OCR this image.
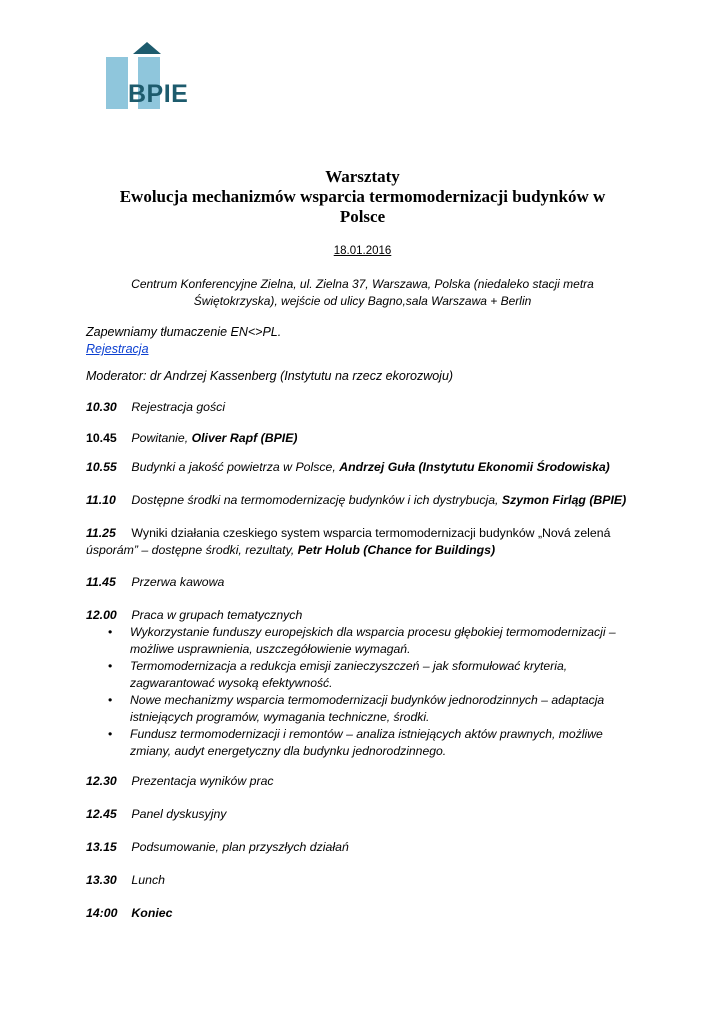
BPIE
Warsztaty
Ewolucja mechanizmów wsparcia termomodernizacji budynków w
Polsce
18.01.2016
Centrum Konferencyjne Zielna, ul. Zielna 37, Warszawa, Polska (niedaleko stacji metra
Świętokrzyska), wejście od ulicy Bagno,sala Warszawa + Berlin
Zapewniamy tłumaczenie EN<>PL.
Rejestracja
Moderator: dr Andrzej Kassenberg (Instytutu na rzecz ekorozwoju)
10.30 Rejestracja gości
10.45 Powitanie, Oliver Rapf (BPIE)
10.55 Budynki a jakość powietrza w Polsce, Andrzej Guła (Instytutu Ekonomii Środowiska)
11.10 Dostępne środki na termomodernizację budynków i ich dystrybucja, Szymon Firląg (BPIE)
11.25 Wyniki działania czeskiego system wsparcia termomodernizacji budynków „Nová zelená
úsporám” – dostępne środki, rezultaty, Petr Holub (Chance for Buildings)
11.45 Przerwa kawowa
12.00 Praca w grupach tematycznych
• Wykorzystanie funduszy europejskich dla wsparcia procesu głębokiej termomodernizacji – możliwe usprawnienia, uszczegółowienie wymagań.
• Termomodernizacja a redukcja emisji zanieczyszczeń – jak sformułować kryteria, zagwarantować wysoką efektywność.
• Nowe mechanizmy wsparcia termomodernizacji budynków jednorodzinnych – adaptacja istniejących programów, wymagania techniczne, środki.
• Fundusz termomodernizacji i remontów – analiza istniejących aktów prawnych, możliwe zmiany, audyt energetyczny dla budynku jednorodzinnego.
12.30 Prezentacja wyników prac
12.45 Panel dyskusyjny
13.15 Podsumowanie, plan przyszłych działań
13.30 Lunch
14:00 Koniec
